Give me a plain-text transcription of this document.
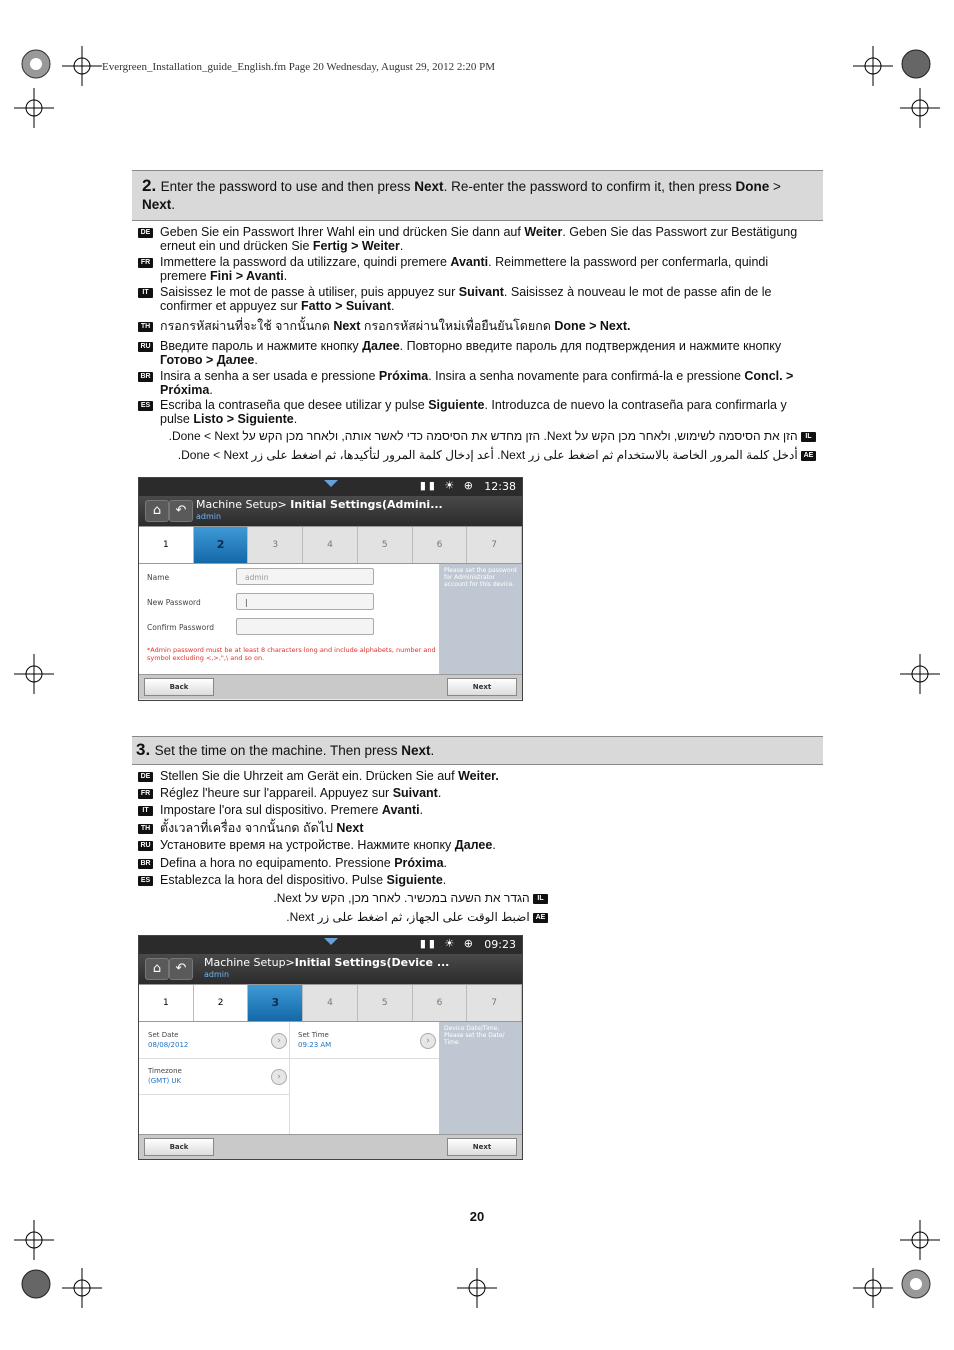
Evergreen_Installation_guide_English.fm Page 20 Wednesday, August 29, 2012 2:20 PM
2. Enter the password to use and then press Next. Re-enter the password to confirm it, then press Done > Next.
DE Geben Sie ein Passwort Ihrer Wahl ein und drücken Sie dann auf Weiter. Geben Sie das Passwort zur Bestätigung erneut ein und drücken Sie Fertig > Weiter.
FR Immettere la password da utilizzare, quindi premere Avanti. Reimmettere la password per confermarla, quindi premere Fini > Avanti.
IT Saisissez le mot de passe à utiliser, puis appuyez sur Suivant. Saisissez à nouveau le mot de passe afin de le confirmer et appuyez sur Fatto > Suivant.
TH กรอกรหัสผ่านที่จะใช้ จากนั้นกด Next กรอกรหัสผ่านใหม่เพื่อยืนยันโดยกด Done > Next.
RU Введите пароль и нажмите кнопку Далее. Повторно введите пароль для подтверждения и нажмите кнопку Готово > Далее.
BR Insira a senha a ser usada e pressione Próxima. Insira a senha novamente para confirmá-la e pressione Concl. > Próxima.
ES Escriba la contraseña que desee utilizar y pulse Siguiente. Introduzca de nuevo la contraseña para confirmarla y pulse Listo > Siguiente.
IL הזן את הסיסמה לשימוש, ולאחר מכן הקש על Next. הזן מחדש את הסיסמה כדי לאשר אותה, ולאחר מכן הקש על Done < Next.
AE أدخل كلمة المرور الخاصة بالاستخدام ثم اضغط على زر Next. أعد إدخال كلمة المرور لتأكيدها، ثم اضغط على زر Done < Next.
▮▮ ☀ ⊕ 12:38
⌂	↶ Machine Setup> Initial Settings(Admini...
admin
1	2	3	4	5	6	7
Name	admin
New Password	|
Confirm Password
*Admin password must be at least 8 characters long and include alphabets, number and symbol excluding <,>,",\ and so on.
Please set the password for Administrator account for this device.
Back	Next
3. Set the time on the machine. Then press Next.
DE Stellen Sie die Uhrzeit am Gerät ein. Drücken Sie auf Weiter.
FR Réglez l'heure sur l'appareil. Appuyez sur Suivant.
IT Impostare l'ora sul dispositivo. Premere Avanti.
TH ตั้งเวลาที่เครื่อง จากนั้นกด ถัดไป Next
RU Установите время на устройстве. Нажмите кнопку Далее.
BR Defina a hora no equipamento. Pressione Próxima.
ES Establezca la hora del dispositivo. Pulse Siguiente.
IL הגדר את השעה במכשיר. לאחר מכן, הקש על Next.
AE اضبط الوقت على الجهاز، ثم اضغط على زر Next.
▮▮ ☀ ⊕ 09:23
⌂	↶	Machine Setup>Initial Settings(Device ...
admin
1	2	3	4	5	6	7
Set Date
08/08/2012	›
Set Time
09:23 AM	›
Timezone
(GMT) UK	›
Device Date/Time, Please set the Date/ Time
Back	Next
20
